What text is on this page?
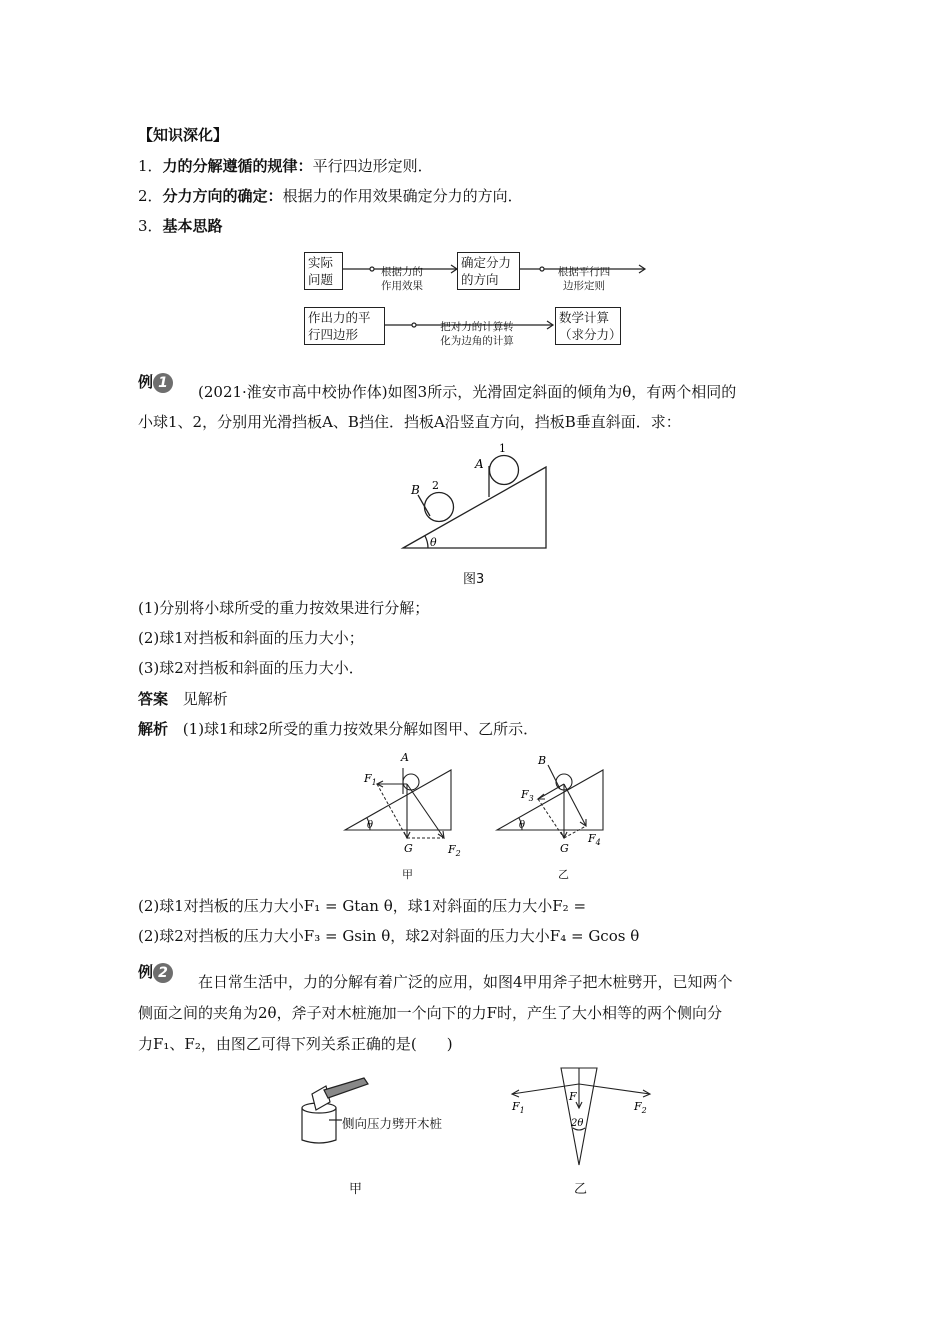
【知识深化】
1．力的分解遵循的规律：平行四边形定则．
2．分力方向的确定：根据力的作用效果确定分力的方向．
3．基本思路
实际
问题	根据力的
作用效果
确定分力
的方向	根据平行四
边形定则
作出力的平
行四边形	把对力的计算转
化为边角的计算
数学计算
（求分力）
例 1	(2021·淮安市高中校协作体)如图3所示，光滑固定斜面的倾角为θ，有两个相同的
小球1、2，分别用光滑挡板A、B挡住．挡板A沿竖直方向，挡板B垂直斜面．求：
1
A
2
B
θ
图3
(1)分别将小球所受的重力按效果进行分解；
(2)球1对挡板和斜面的压力大小；
(3)球2对挡板和斜面的压力大小．
答案 见解析
解析 (1)球1和球2所受的重力按效果分解如图甲、乙所示．
A
$F_1$
$F_2$
G
θ
甲
B
$F_3$
$F_4$
G
θ
乙
(2)球1对挡板的压力大小F₁ = Gtan θ，球1对斜面的压力大小F₂ =
(2)球2对挡板的压力大小F₃ = Gsin θ，球2对斜面的压力大小F₄ = Gcos θ
例 2	在日常生活中，力的分解有着广泛的应用，如图4甲用斧子把木桩劈开，已知两个
侧面之间的夹角为2θ，斧子对木桩施加一个向下的力F时，产生了大小相等的两个侧向分
力F₁、F₂，由图乙可得下列关系正确的是(　　)
侧向压力劈开木桩
甲
$F_1$	$F_2$
F
2θ
乙
